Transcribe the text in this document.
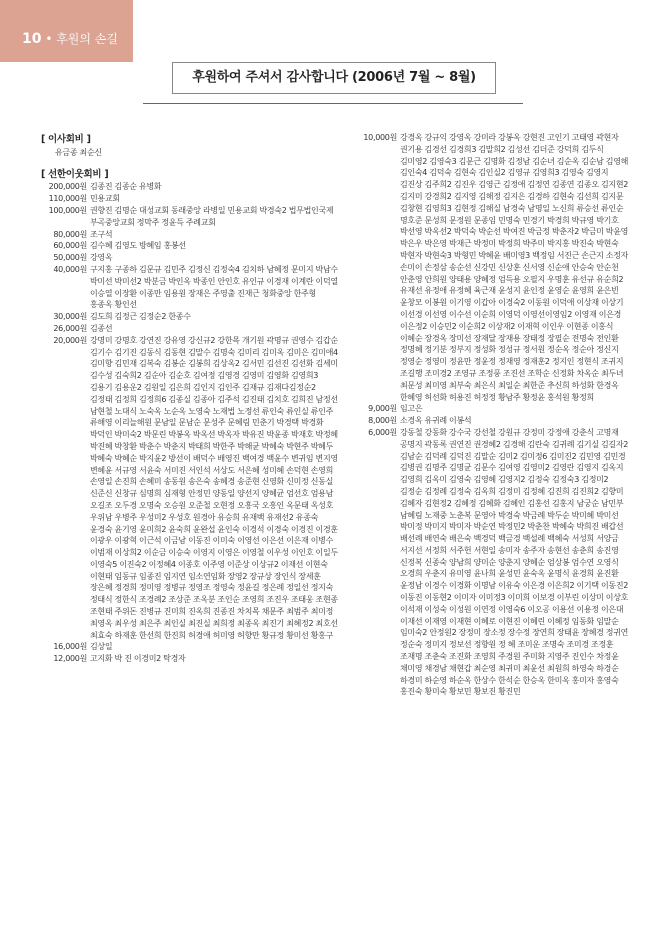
10 • 후원의 손길
후원하여 주셔서 감사합니다 (2006년 7월 ~ 8월)
[ 이사회비 ]
유금종 최순신
[ 선한이웃회비 ]
200,000원 김종진 김종순 유병화
110,000원 민용교회
100,000원 권향진 김명순 대성교회 동래중앙 라병일 민용교회 박경숙2 법무법인국제 부곡중앙교회 정막주 정윤득 주례교회
80,000원 조구석
60,000원 김수혜 김영도 방혜임 홍봉선
50,000원 강영옥
40,000원 구지홍 구종하 김문규 김민주 김정신 김정숙4 김치하 남혜정 문미지 박남수 박미선 박미선2 박분금 박인옥 박종인 안인호 유인규 이경재 이계란 이덕열 이승열 이장환 이종만 임용원 장재은 주영출 진재근 청화중앙 한주형 홍종옥 황인선
30,000원 김도희 김정근 김정순2 한종수
26,000원 김종선
20,000원 강명미 강명호 강연진 강유영 강신규2 강한목 개기원 곽명규 권영수 김갑순 김기수 김기진 김동식 김동현 김말수 김명숙 김미리 김미옥 김미은 김미애4 김미향 김민재 김복숙 김봉순 김봉희 김상옥2 김서민 김선진 김선화 김세미 김수성 김숙희2 김순아 김순호 김여정 김영경 김영미 김영화 김영희3 김용기 김용운2 김원일 김은희 김인지 김인주 김재규 김재다김정순2 김정태 김정희 김정희6 김종실 김종아 김주석 김진태 김치호 김희진 남정선 남현철 노대식 노숙옥 노순옥 노영숙 노재법 노정선 류인숙 류인실 류인주 류해영 이리늘해원 문남일 문남순 문성주 문혜림 민춘기 박경택 박경화 박덕인 박미숙2 박문린 박봉옥 박옥선 박옥자 박유진 박윤종 박재호 박정혜 박진혜 박창환 박춘수 박춘지 박태희 박한주 박해균 박혜숙 박현주 박혜두 박혜숙 박혜순 박지윤2 방선이 배덕수 배영진 백여경 백윤수 변귀임 변지영 변혜윤 서규영 서윤숙 서미진 서인석 서상도 서은혜 성미혜 손덕현 손영희 손영일 손진희 손혜미 송동원 송은숙 송혜경 송준현 신영화 신미정 신동실 신준신 신창규 심명희 심재형 안정민 양동일 양선지 양혜균 엄선호 엄용남 오길조 오두경 오명숙 오승원 오준철 오현정 오흥국 오흥인 옥문태 옥성호 우위남 우병주 우성미2 우성호 원경아 유승희 유재백 유재선2 유종숙 윤경숙 윤기영 윤미희2 윤숙희 윤완섭 윤인숙 이경석 이경숙 이경진 이경훈 이광우 이광혁 이근석 이금남 이동진 이미숙 이영선 이은선 이은재 이병수 이범재 이상희2 이순금 이승숙 이영지 이영은 이영철 이우성 이인호 이일두 이영숙5 이진숙2 이정혜4 이종호 이주영 이준상 이상규2 이재선 이현숙 이현태 임동규 임종진 임지연 임소연임화 장영2 장규상 장인식 장세훈 장은혜 정경희 정미영 정병규 정영조 정영숙 정윤길 정은례 정일선 정지숙 정태식 정한식 조경례2 조상준 조옥분 조인순 조영희 조진우 조태웅 조현종 조현태 주위돈 진병규 진미희 진옥희 진종진 차치목 채문주 최범주 최미정 최영옥 최우성 최은주 최인실 최진실 최희정 최종옥 최진기 최혜정2 최호선 최효숙 하재훈 한선희 한진희 허경애 허미영 허향만 황규정 황미선 황홍구
16,000원 김상일
12,000원 고지화 박 진 이경미2 탁경자
10,000원 강경옥 강규익 강영옥 강미라 강봉옥 강현진 고인기 고태영 곽현자 권기용 김경선 김경희3 김말희2 김성선 김더준 강덕희 김두식 김미영2 김영숙3 김문근 김명화 김정남 김순녀 김순옥 김순남 김영해 김인숙4 김덕숙 김현숙 김인실2 김영규 김영희3 김영숙 김영지 김진상 김주희2 김진우 김영근 김정애 김정연 김종연 김종오 김지현2 김지미 강경희2 김지영 김해정 김지은 김경하 김현숙 김선희 김지문 김창현 김영희3 김현정 김해실 남경숙 남명일 노신희 류승선 류인순 명호준 문성희 문정원 문종임 민명숙 민경기 박경희 박규영 박기호 박선영 박옥선2 박덕숙 박순선 박여진 박금정 박춘자2 박금미 박윤영 박은우 박은영 박재근 박정미 박정희 박주미 박지홍 박진숙 박현숙 박현자 박현숙3 박형민 박혜윤 배미영3 백정임 서진근 손근지 소정자 손미이 손정삼 송순선 신강민 신상훈 신서영 신순애 안승숙 안순천 안춘영 안희원 양태용 양혜정 엄득용 오필지 우명훈 유선규 유순희2 유재선 유정애 유정혜 육근재 윤성지 윤인정 윤영순 윤영희 윤은빈 윤창모 이봉원 이기영 이갑아 이경숙2 이동원 이덕애 이상재 이상기 이선경 이선영 이수선 이순희 이영덕 이영선이영임2 이영재 이은경 이은정2 이승민2 이순희2 이상재2 이재혁 이인우 이현종 이홍식 이혜순 장경옥 장미선 장재달 장재용 장태정 장필순 전명숙 전인환 정명혜 정기분 정부지 정성화 정성규 정서원 정순옥 정순아 정신지 정영순 정영미 정윤만 정윤정 정재영 정재훈2 정지인 정현식 조귀지 조길행 조미경2 조영규 조정풍 조진선 조학순 신정화 차옥순 최두녀 최문성 최미영 최부숙 최은식 최일순 최한준 추신희 하성화 한경옥 한혜영 허선화 허용진 허정정 황남주 황정윤 홍석원 황정희
9,000원 임고은
8,000원 소경옥 유귀례 이봉석
6,000원 강동철 강동화 강수국 강선철 강원규 강정미 강정애 강춘식 고명재 공명지 곽동록 권연진 권경혜2 김경해 김란숙 김귀례 김기실 김길자2 김남순 김덕례 김덕진 김말순 김미2 김미정6 김미진2 김민영 김민경 김병권 김명주 김명균 김문수 김여영 김영미2 김영란 김영지 김옥지 김영희 김옥미 김영숙 김영혜 김영지2 김정숙 김정숙3 김정미2 김정순 김정례 김정숙 김옥희 김정미 김정혜 김진희 김진희2 김향미 김혜자 김현정2 김혜정 김혜화 김혜인 김홍선 김홍지 남궁순 남민부 남혜림 노재중 노춘복 문영아 박경숙 박금례 박두순 박미혜 박미선 박미정 박미지 박미자 박순연 박정민2 박춘찬 박혜숙 박희진 배갑선 배선례 배연숙 배은숙 백경덕 백금경 백설례 백혜숙 서성희 서양금 서지선 서정희 서주헌 서현일 송미자 송주자 송현선 송춘희 송진영 신정복 신종숙 양남희 양미순 양춘지 양혜순 엄상봉 엄수연 오영식 오경희 우춘지 유미영 윤나희 윤성민 윤숙옥 윤명식 윤경희 윤진환 윤정남 이경수 이경화 이명남 이유숙 이은경 이은희2 이기택 이동진2 이동진 이동현2 이미자 이미정3 이미희 이보경 이부린 이상미 이상호 이석재 이성숙 이성원 이연정 이영숙6 이오공 이용선 이용정 이은대 이재선 이재영 이재현 이혜로 이현진 이혜린 이혜정 임동화 임말순 임미숙2 안정원2 장정미 장소정 장수정 장연희 장태윤 장혜경 정귀연 정순숙 정미지 정보선 정향원 정 혜 조미운 조명숙 조미경 조정훈 조재명 조춘숙 조진화 조영희 주경원 주미화 지영주 진인수 차정윤 채미영 채경남 채현갑 최순영 최귀미 최윤선 최원희 하영숙 하경순 하경미 하순영 하순옥 한상수 한석순 한승옥 한미옥 홍미자 홍영숙 홍진숙 황미숙 황보민 황보진 황진민
